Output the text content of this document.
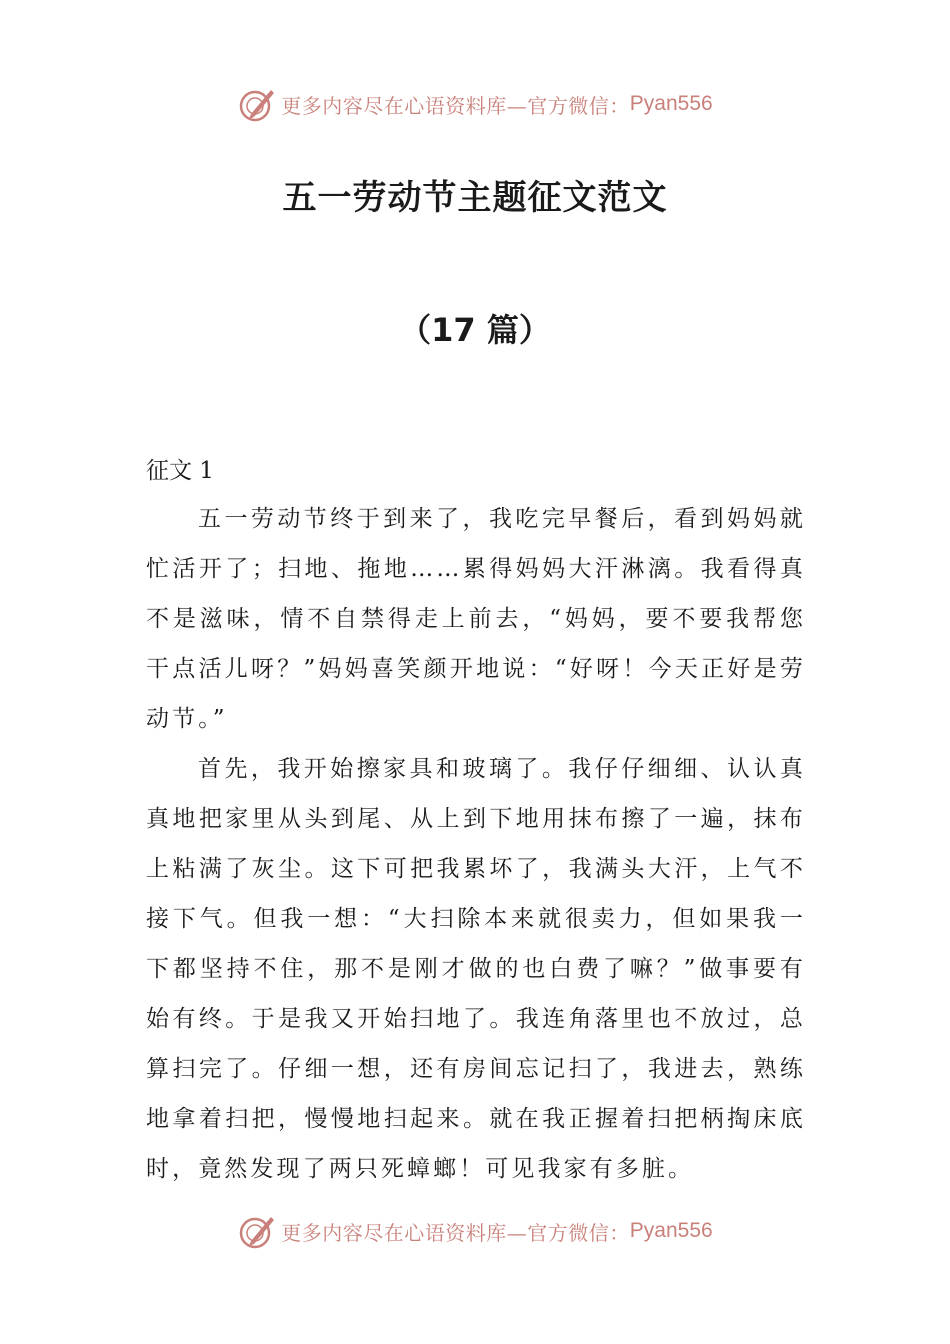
更多内容尽在心语资料库—官方微信： Pyan556
五一劳动节主题征文范文
（17 篇）
征文 1

五一劳动节终于到来了，我吃完早餐后，看到妈妈就忙活开了；扫地、拖地……累得妈妈大汗淋漓。我看得真不是滋味，情不自禁得走上前去，“妈妈，要不要我帮您干点活儿呀？”妈妈喜笑颜开地说：“好呀！今天正好是劳动节。”

首先，我开始擦家具和玻璃了。我仔仔细细、认认真真地把家里从头到尾、从上到下地用抹布擦了一遍，抹布上粘满了灰尘。这下可把我累坏了，我满头大汗，上气不接下气。但我一想：“大扫除本来就很卖力，但如果我一下都坚持不住，那不是刚才做的也白费了嘛？”做事要有始有终。于是我又开始扫地了。我连角落里也不放过，总算扫完了。仔细一想，还有房间忘记扫了，我进去，熟练地拿着扫把，慢慢地扫起来。就在我正握着扫把柄掏床底时，竟然发现了两只死蟑螂！可见我家有多脏。

更多内容尽在心语资料库—官方微信： Pyan556
